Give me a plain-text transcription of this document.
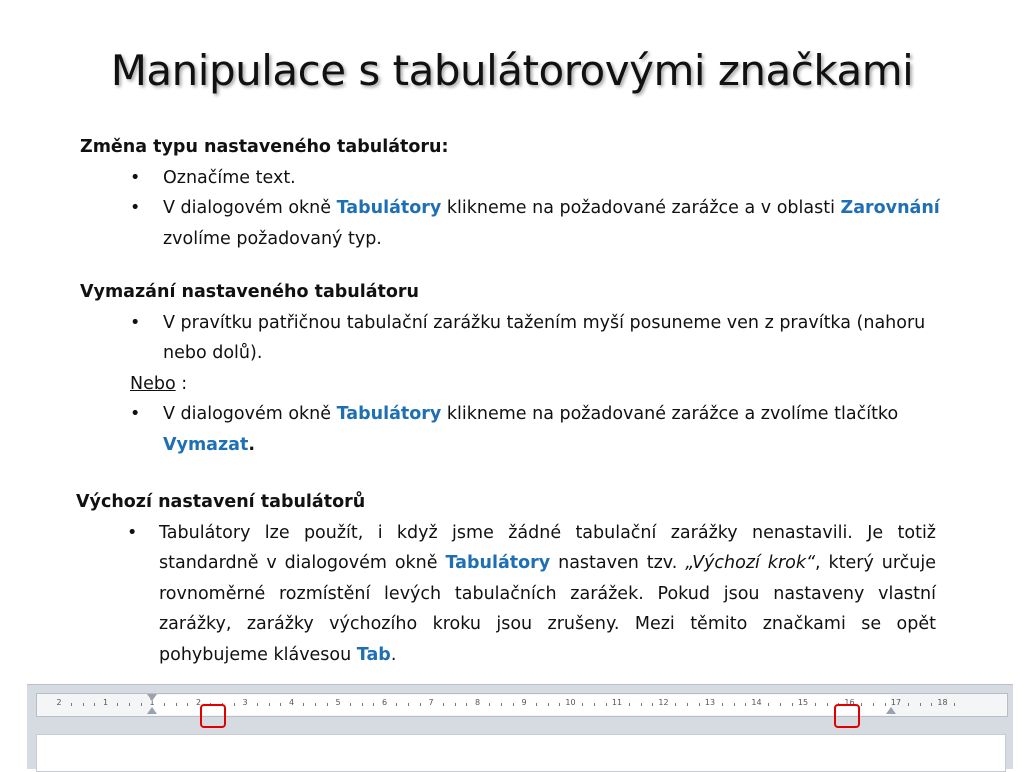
Manipulace s tabulátorovými značkami
Změna typu nastaveného tabulátoru:
• Označíme text.
• V dialogovém okně Tabulátory klikneme na požadované zarážce a v oblasti Zarovnání zvolíme požadovaný typ.
Vymazání nastaveného tabulátoru
• V pravítku patřičnou tabulační zarážku tažením myší posuneme ven z pravítka (nahoru nebo dolů).
Nebo :
• V dialogovém okně Tabulátory klikneme na požadované zarážce a zvolíme tlačítko Vymazat.
Výchozí nastavení tabulátorů
• Tabulátory lze použít, i když jsme žádné tabulační zarážky nenastavili. Je totiž standardně v dialogovém okně Tabulátory nastaven tzv. „Výchozí krok“, který určuje rovnoměrné rozmístění levých tabulačních zarážek. Pokud jsou nastaveny vlastní zarážky, zarážky výchozího kroku jsou zrušeny. Mezi těmito značkami se opět pohybujeme klávesou Tab.
2	1	1	2	3	4	5	6	7	8	9	10	11	12	13	14	15	16	17	18
